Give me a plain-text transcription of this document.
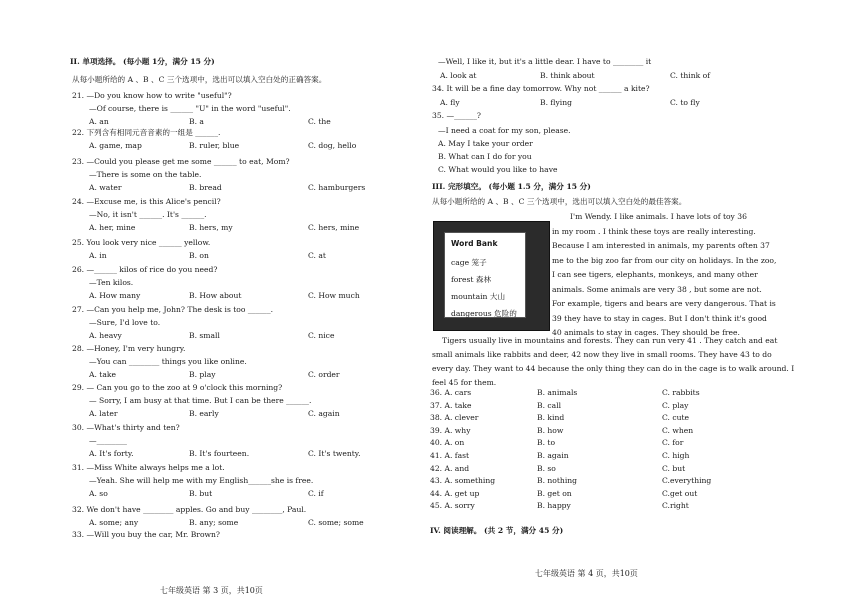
II. 单项选择。 (每小题 1分，满分 15 分)
从每小题所给的 A 、B 、C 三个选项中，选出可以填入空白处的正确答案。
21. —Do you know how to write "useful"?
—Of course, there is ______ "U" in the word "useful".
A. an	B. a	C. the
22. 下列含有相同元音音素的一组是 ______.
A. game, map	B. ruler, blue	C. dog, hello
23. —Could you please get me some ______ to eat, Mom?
—There is some on the table.
A. water	B. bread	C. hamburgers
24. —Excuse me, is this Alice's pencil?
—No, it isn't ______. It's ______.
A. her, mine	B. hers, my	C. hers, mine
25. You look very nice ______ yellow.
A. in	B. on	C. at
26. —______ kilos of rice do you need?
—Ten kilos.
A. How many	B. How about	C. How much
27. —Can you help me, John? The desk is too ______.
—Sure, I'd love to.
A. heavy	B. small	C. nice
28. —Honey, I'm very hungry.
—You can ________ things you like online.
A. take	B. play	C. order
29. — Can you go to the zoo at 9 o'clock this morning?
— Sorry, I am busy at that time. But I can be there ______.
A. later	B. early	C. again
30. —What's thirty and ten?
—________
A. It's forty.	B. It's fourteen.	C. It's twenty.
31. —Miss White always helps me a lot.
—Yeah. She will help me with my English______she is free.
A. so	B. but	C. if
32. We don't have ________ apples. Go and buy ________, Paul.
A. some; any	B. any; some	C. some; some
33. —Will you buy the car, Mr. Brown?
七年级英语 第 3 页，共10页
—Well, I like it, but it's a little dear. I have to ________ it
A. look at	B. think about	C. think of
34. It will be a fine day tomorrow. Why not ______ a kite?
A. fly	B. flying	C. to fly
35. —______?
—I need a coat for my son, please.
A. May I take your order
B. What can I do for you
C. What would you like to have
III. 完形填空。 (每小题 1.5 分，满分 15 分)
从每小题所给的 A 、B 、C 三个选项中，选出可以填入空白处的最佳答案。
I'm Wendy. I like animals. I have lots of toy 36
in my room . I think these toys are really interesting.
Because I am interested in animals, my parents often 37
me to the big zoo far from our city on holidays. In the zoo,
I can see tigers, elephants, monkeys, and many other
animals. Some animals are very 38 , but some are not.
For example, tigers and bears are very dangerous. That is
39 they have to stay in cages. But I don't think it's good
40 animals to stay in cages. They should be free.
Tigers usually live in mountains and forests. They can run very 41 . They catch and eat
small animals like rabbits and deer, 42 now they live in small rooms. They have 43 to do
every day. They want to 44 because the only thing they can do in the cage is to walk around. I
feel 45 for them.
36. A. cars	B. animals	C. rabbits
37. A. take	B. call	C. play
38. A. clever	B. kind	C. cute
39. A. why	B. how	C. when
40. A. on	B. to	C. for
41. A. fast	B. again	C. high
42. A. and	B. so	C. but
43. A. something	B. nothing	C.everything
44. A. get up	B. get on	C.get out
45. A. sorry	B. happy	C.right
IV. 阅读理解。 (共 2 节，满分 45 分)
七年级英语 第 4 页，共10页
Word Bank
cage 笼子
forest 森林
mountain 大山
dangerous 危险的
